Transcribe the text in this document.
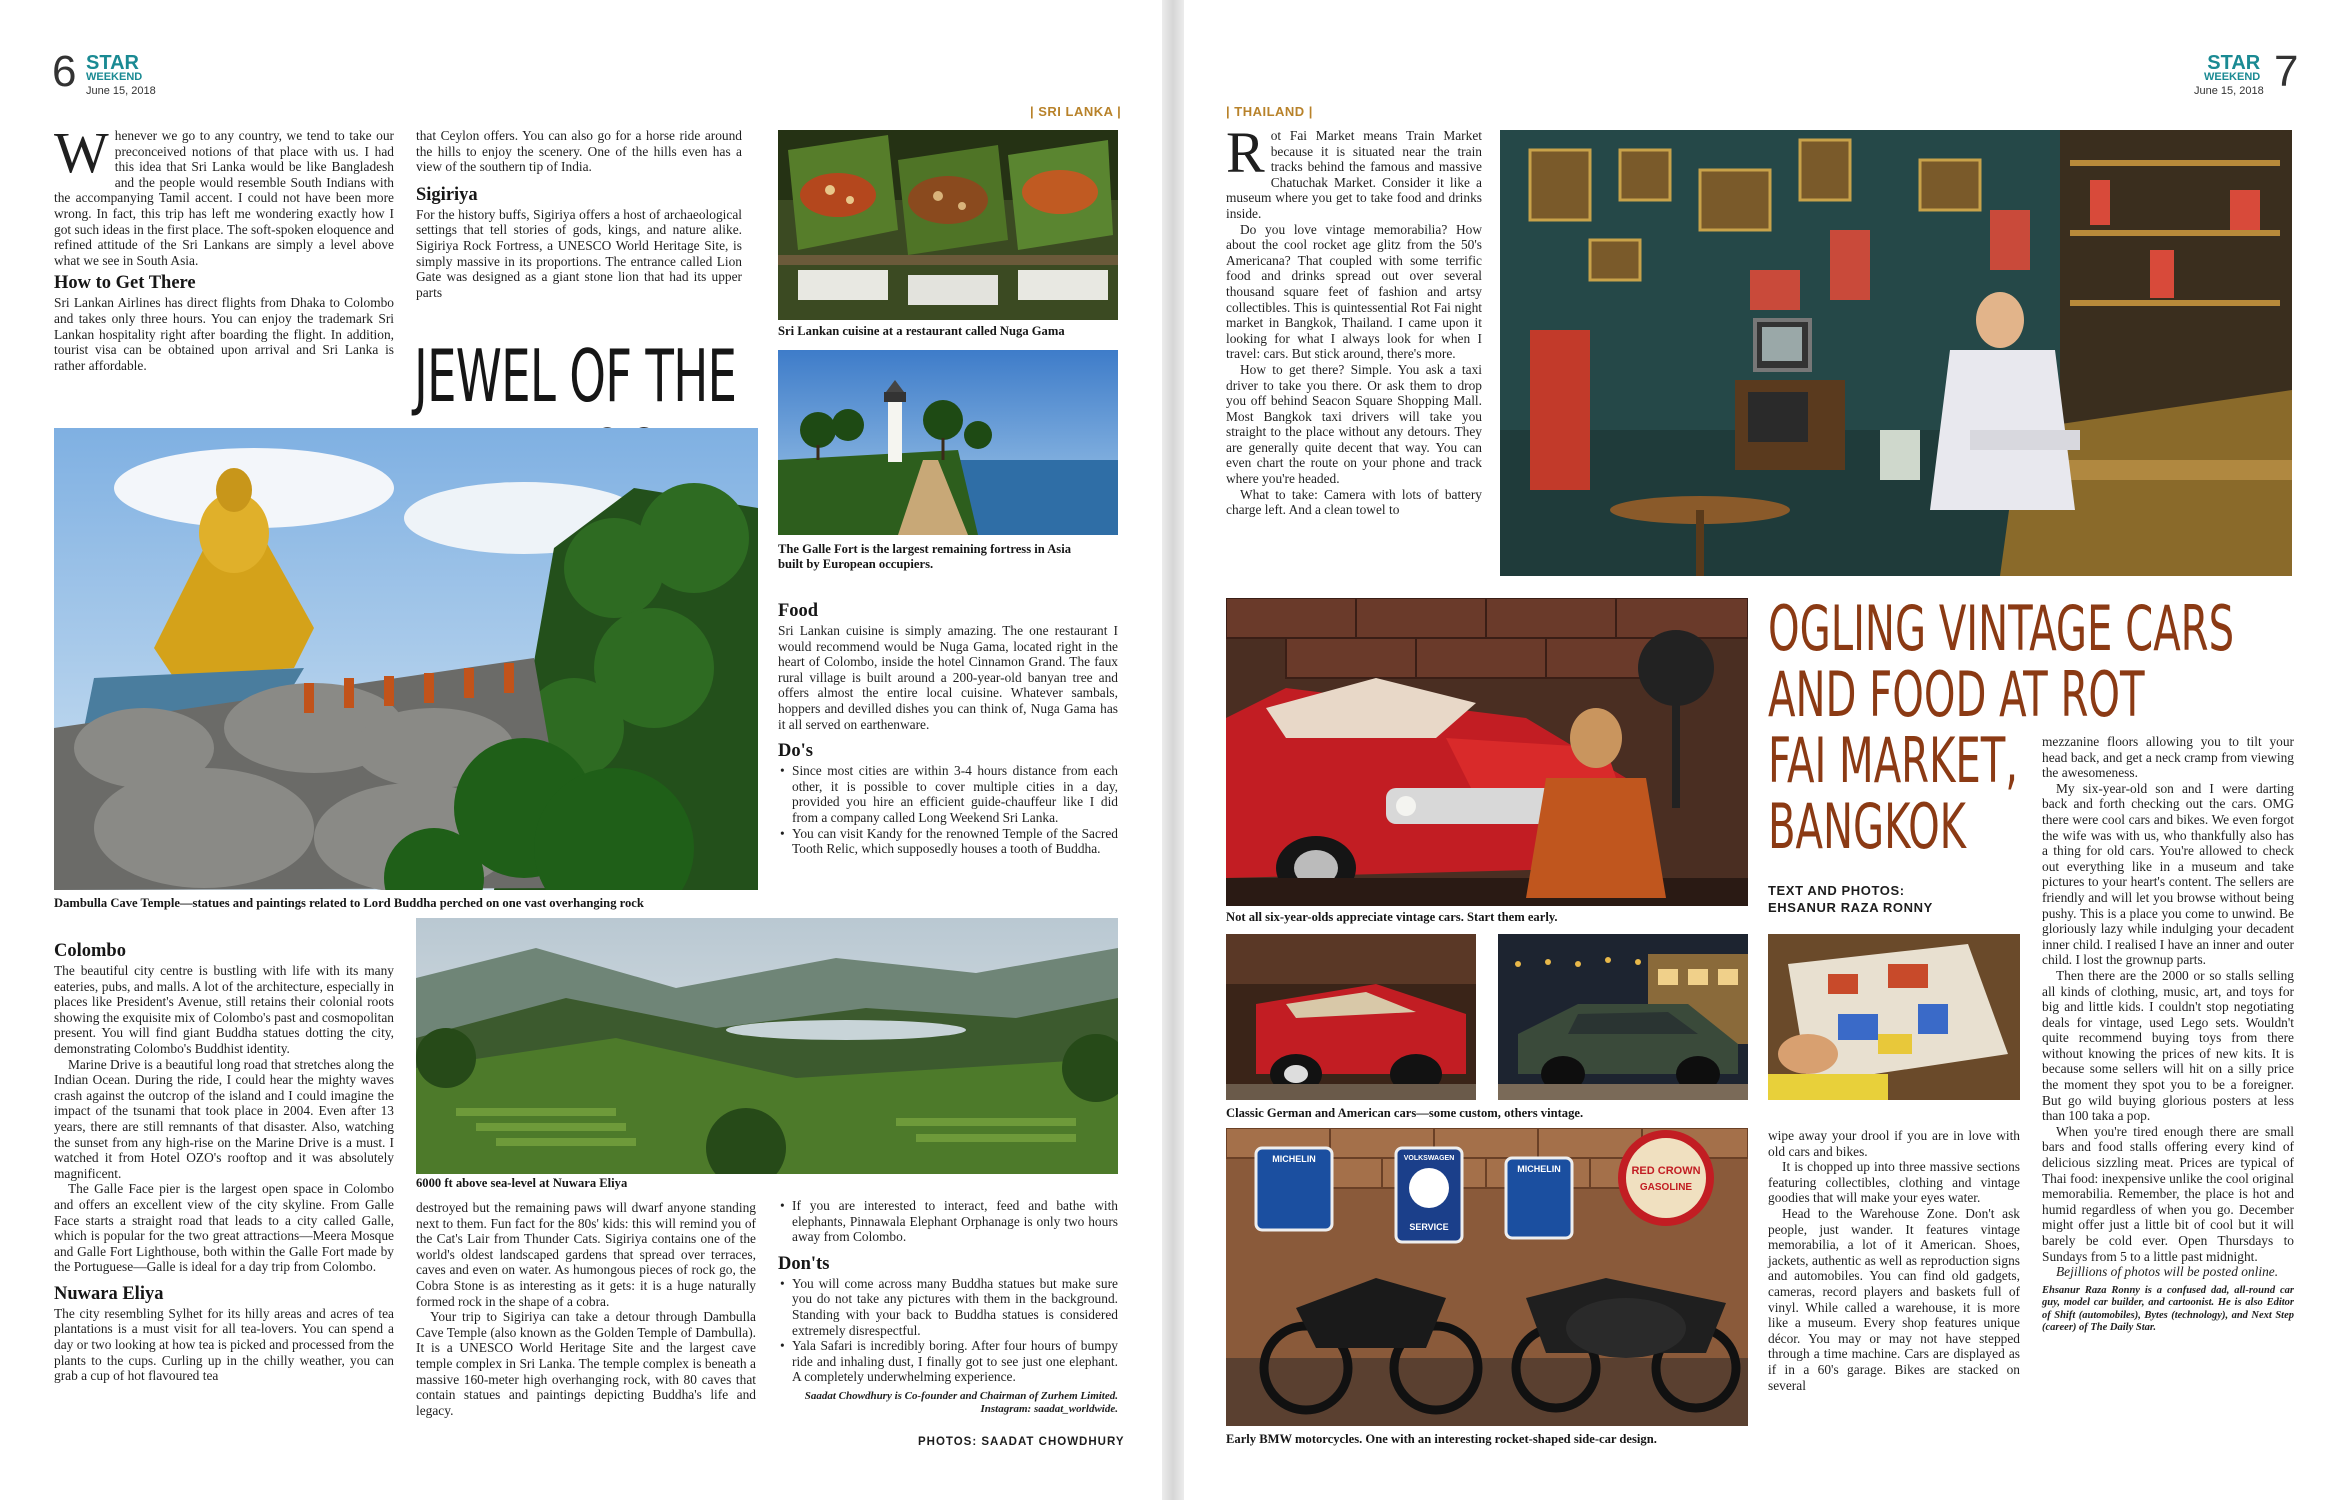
6 STAR
WEEKEND
June 15, 2018
| SRI LANKA |

Whenever we go to any country, we tend to take our preconceived notions of that place with us. I had this idea that Sri Lanka would be like Bangladesh and the people would resemble South Indians with the accompanying Tamil accent. I could not have been more wrong. In fact, this trip has left me wondering exactly how I got such ideas in the first place. The soft-spoken eloquence and refined attitude of the Sri Lankans are simply a level above what we see in South Asia.

How to Get There

Sri Lankan Airlines has direct flights from Dhaka to Colombo and takes only three hours. You can enjoy the trademark Sri Lankan hospitality right after boarding the flight. In addition, tourist visa can be obtained upon arrival and Sri Lanka is rather affordable.

that Ceylon offers. You can also go for a horse ride around the hills to enjoy the scenery. One of the hills even has a view of the southern tip of India.

Sigiriya

For the history buffs, Sigiriya offers a host of archaeological settings that tell stories of gods, kings, and nature alike. Sigiriya Rock Fortress, a UNESCO World Heritage Site, is simply massive in its proportions. The entrance called Lion Gate was designed as a giant stone lion that had its upper parts

JEWEL OF THE
Sri Lankan cuisine at a restaurant called Nuga Gama
The Galle Fort is the largest remaining fortress in Asia built by European occupiers.
Food

Sri Lankan cuisine is simply amazing. The one restaurant I would recommend would be Nuga Gama, located right in the heart of Colombo, inside the hotel Cinnamon Grand. The faux rural village is built around a 200-year-old banyan tree and offers almost the entire local cuisine. Whatever sambals, hoppers and devilled dishes you can think of, Nuga Gama has it all served on earthenware.

Do's
• Since most cities are within 3-4 hours distance from each other, it is possible to cover multiple cities in a day, provided you hire an efficient guide-chauffeur like I did from a company called Long Weekend Sri Lanka.
• You can visit Kandy for the renowned Temple of the Sacred Tooth Relic, which supposedly houses a tooth of Buddha.
Dambulla Cave Temple—statues and paintings related to Lord Buddha perched on one vast overhanging rock
Colombo

The beautiful city centre is bustling with life with its many eateries, pubs, and malls. A lot of the architecture, especially in places like President's Avenue, still retains their colonial roots showing the exquisite mix of Colombo's past and cosmopolitan present. You will find giant Buddha statues dotting the city, demonstrating Colombo's Buddhist identity.

Marine Drive is a beautiful long road that stretches along the Indian Ocean. During the ride, I could hear the mighty waves crash against the outcrop of the island and I could imagine the impact of the tsunami that took place in 2004. Even after 13 years, there are still remnants of that disaster. Also, watching the sunset from any high-rise on the Marine Drive is a must. I watched it from Hotel OZO's rooftop and it was absolutely magnificent.

The Galle Face pier is the largest open space in Colombo and offers an excellent view of the city skyline. From Galle Face starts a straight road that leads to a city called Galle, which is popular for the two great attractions—Meera Mosque and Galle Fort Lighthouse, both within the Galle Fort made by the Portuguese—Galle is ideal for a day trip from Colombo.

Nuwara Eliya

The city resembling Sylhet for its hilly areas and acres of tea plantations is a must visit for all tea-lovers. You can spend a day or two looking at how tea is picked and processed from the plants to the cups. Curling up in the chilly weather, you can grab a cup of hot flavoured tea

6000 ft above sea-level at Nuwara Eliya

destroyed but the remaining paws will dwarf anyone standing next to them. Fun fact for the 80s' kids: this will remind you of the Cat's Lair from Thunder Cats. Sigiriya contains one of the world's oldest landscaped gardens that spread over terraces, caves and even on water. As humongous pieces of rock go, the Cobra Stone is as interesting as it gets: it is a huge naturally formed rock in the shape of a cobra.

Your trip to Sigiriya can take a detour through Dambulla Cave Temple (also known as the Golden Temple of Dambulla). It is a UNESCO World Heritage Site and the largest cave temple complex in Sri Lanka. The temple complex is beneath a massive 160-meter high overhanging rock, with 80 caves that contain statues and paintings depicting Buddha's life and legacy.

• If you are interested to interact, feed and bathe with elephants, Pinnawala Elephant Orphanage is only two hours away from Colombo.
Don'ts
• You will come across many Buddha statues but make sure you do not take any pictures with them in the background. Standing with your back to Buddha statues is considered extremely disrespectful.
• Yala Safari is incredibly boring. After four hours of bumpy ride and inhaling dust, I finally got to see just one elephant. A completely underwhelming experience.
Saadat Chowdhury is Co-founder and Chairman of Zurhem Limited.
Instagram: saadat_worldwide.
PHOTOS: SAADAT CHOWDHURY
| THAILAND |
June 15, 2018
STAR
WEEKEND 7

Rot Fai Market means Train Market because it is situated near the train tracks behind the famous and massive Chatuchak Market. Consider it like a museum where you get to take food and drinks inside.

Do you love vintage memorabilia? How about the cool rocket age glitz from the 50's Americana? That coupled with some terrific food and drinks spread out over several thousand square feet of fashion and artsy collectibles. This is quintessential Rot Fai night market in Bangkok, Thailand. I came upon it looking for what I always look for when I travel: cars. But stick around, there's more.

How to get there? Simple. You ask a taxi driver to take you there. Or ask them to drop you off behind Seacon Square Shopping Mall. Most Bangkok taxi drivers will take you straight to the place without any detours. They are generally quite decent that way. You can even chart the route on your phone and track where you're headed.

What to take: Camera with lots of battery charge left. And a clean towel to

Not all six-year-olds appreciate vintage cars. Start them early.
OGLING VINTAGE CARS
AND FOOD AT ROT
FAI MARKET,
BANGKOK
TEXT AND PHOTOS:
EHSANUR RAZA RONNY

mezzanine floors allowing you to tilt your head back, and get a neck cramp from viewing the awesomeness.

My six-year-old son and I were darting back and forth checking out the cars. OMG there were cool cars and bikes. We even forgot the wife was with us, who thankfully also has a thing for old cars. You're allowed to check out everything like in a museum and take pictures to your heart's content. The sellers are friendly and will let you browse without being pushy. This is a place you come to unwind. Be gloriously lazy while indulging your decadent inner child. I realised I have an inner and outer child. I lost the grownup parts.

Then there are the 2000 or so stalls selling all kinds of clothing, music, art, and toys for big and little kids. I couldn't stop negotiating deals for vintage, used Lego sets. Wouldn't quite recommend buying toys from there without knowing the prices of new kits. It is because some sellers will hit on a silly price the moment they spot you to be a foreigner. But go wild buying glorious posters at less than 100 taka a pop.

When you're tired enough there are small bars and food stalls offering every kind of delicious sizzling meat. Prices are typical of Thai food: inexpensive unlike the cool original memorabilia. Remember, the place is hot and humid regardless of when you go. December might offer just a little bit of cool but it will barely be cold ever. Open Thursdays to Sundays from 5 to a little past midnight.

Bejillions of photos will be posted online.

Ehsanur Raza Ronny is a confused dad, all-round car guy, model car builder, and cartoonist. He is also Editor of Shift (automobiles), Bytes (technology), and Next Step (career) of The Daily Star.
Classic German and American cars—some custom, others vintage.
RED CROWN
GASOLINE
MICHELIN	VOLKSWAGEN
SERVICE
MICHELIN
Early BMW motorcycles. One with an interesting rocket-shaped side-car design.

wipe away your drool if you are in love with old cars and bikes.

It is chopped up into three massive sections featuring collectibles, clothing and vintage goodies that will make your eyes water.

Head to the Warehouse Zone. Don't ask people, just wander. It features vintage memorabilia, a lot of it American. Shoes, jackets, authentic as well as reproduction signs and automobiles. You can find old gadgets, cameras, record players and baskets full of vinyl. While called a warehouse, it is more like a museum. Every shop features unique décor. You may or may not have stepped through a time machine. Cars are displayed as if in a 60's garage. Bikes are stacked on several
